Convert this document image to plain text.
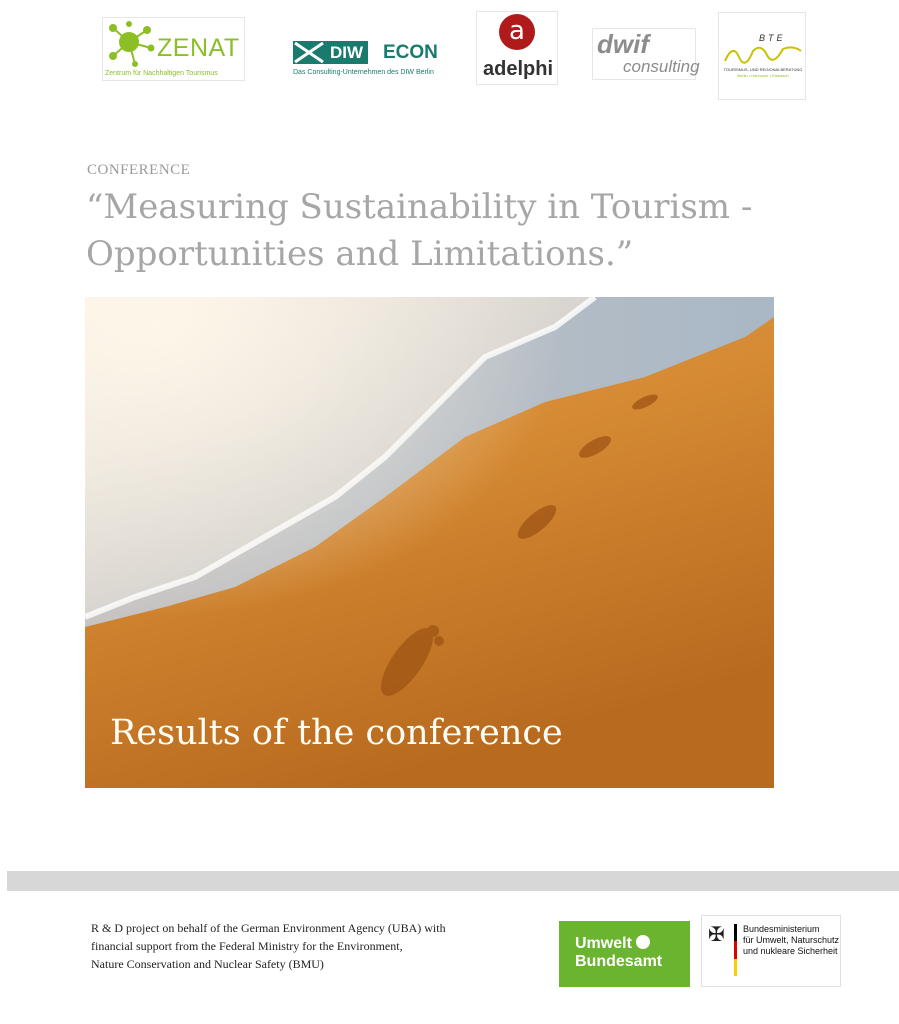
ZENAT
Zentrum für Nachhaltigen Tourismus
DIW ECON
Das Consulting-Unternehmen des DIW Berlin
a
adelphi
dwif
consulting
BTE
TOURISMUS- UND REGIONALBERATUNG
Berlin • Hannover • Eisenach
CONFERENCE
“Measuring Sustainability in Tourism -
Opportunities and Limitations.”
Results of the conference
R & D project on behalf of the German Environment Agency (UBA) with
financial support from the Federal Ministry for the Environment,
Nature Conservation and Nuclear Safety (BMU)
Umwelt
Bundesamt
✠ Bundesministerium
für Umwelt, Naturschutz
und nukleare Sicherheit
